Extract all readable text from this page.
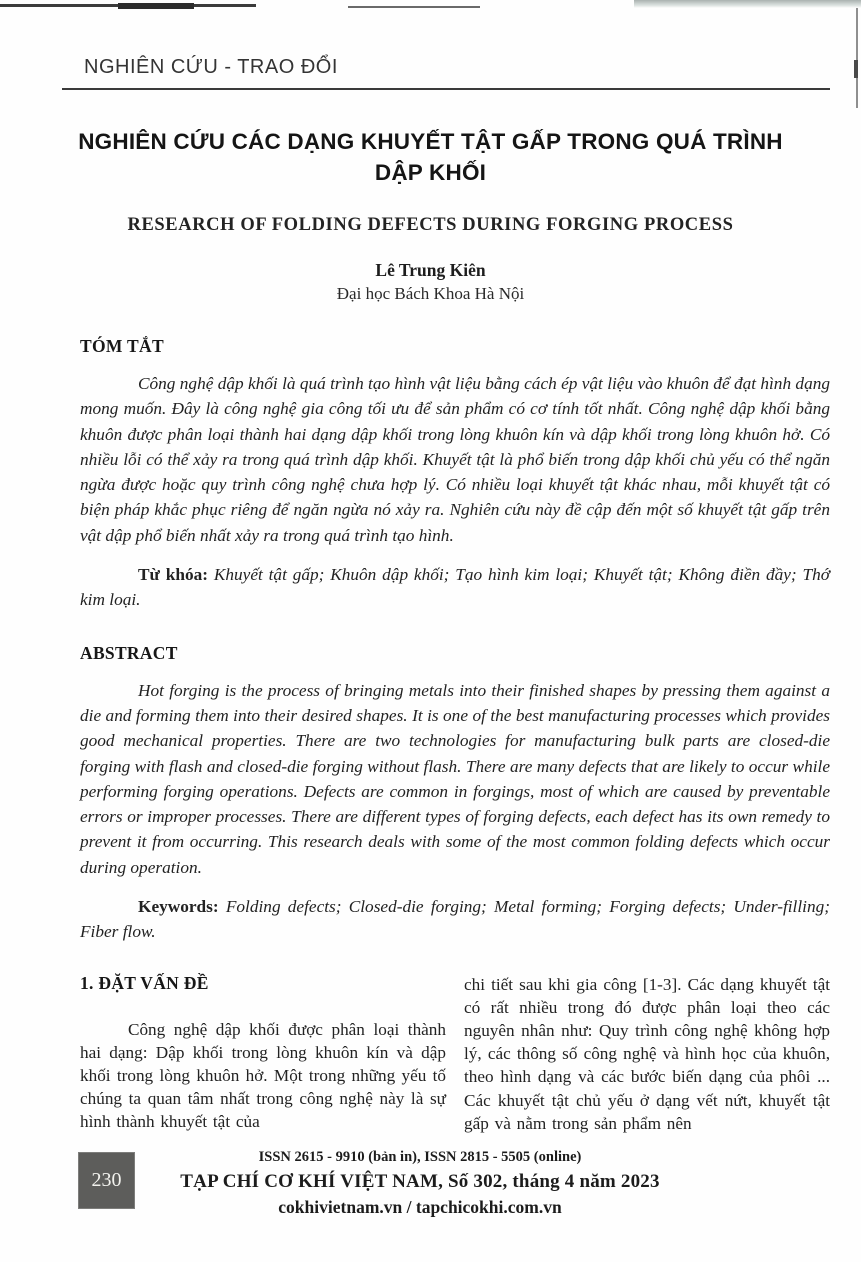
NGHIÊN CỨU - TRAO ĐỔI
NGHIÊN CỨU CÁC DẠNG KHUYẾT TẬT GẤP TRONG QUÁ TRÌNH DẬP KHỐI
RESEARCH OF FOLDING DEFECTS DURING FORGING PROCESS
Lê Trung Kiên
Đại học Bách Khoa Hà Nội
TÓM TẮT

Công nghệ dập khối là quá trình tạo hình vật liệu bằng cách ép vật liệu vào khuôn để đạt hình dạng mong muốn. Đây là công nghệ gia công tối ưu để sản phẩm có cơ tính tốt nhất. Công nghệ dập khối bằng khuôn được phân loại thành hai dạng dập khối trong lòng khuôn kín và dập khối trong lòng khuôn hở. Có nhiều lỗi có thể xảy ra trong quá trình dập khối. Khuyết tật là phổ biến trong dập khối chủ yếu có thể ngăn ngừa được hoặc quy trình công nghệ chưa hợp lý. Có nhiều loại khuyết tật khác nhau, mỗi khuyết tật có biện pháp khắc phục riêng để ngăn ngừa nó xảy ra. Nghiên cứu này đề cập đến một số khuyết tật gấp trên vật dập phổ biến nhất xảy ra trong quá trình tạo hình.

Từ khóa: Khuyết tật gấp; Khuôn dập khối; Tạo hình kim loại; Khuyết tật; Không điền đầy; Thớ kim loại.

ABSTRACT

Hot forging is the process of bringing metals into their finished shapes by pressing them against a die and forming them into their desired shapes. It is one of the best manufacturing processes which provides good mechanical properties. There are two technologies for manufacturing bulk parts are closed-die forging with flash and closed-die forging without flash. There are many defects that are likely to occur while performing forging operations. Defects are common in forgings, most of which are caused by preventable errors or improper processes. There are different types of forging defects, each defect has its own remedy to prevent it from occurring. This research deals with some of the most common folding defects which occur during operation.

Keywords: Folding defects; Closed-die forging; Metal forming; Forging defects; Under-filling; Fiber flow.

1. ĐẶT VẤN ĐỀ

Công nghệ dập khối được phân loại thành hai dạng: Dập khối trong lòng khuôn kín và dập khối trong lòng khuôn hở. Một trong những yếu tố chúng ta quan tâm nhất trong công nghệ này là sự hình thành khuyết tật của

chi tiết sau khi gia công [1-3]. Các dạng khuyết tật có rất nhiều trong đó được phân loại theo các nguyên nhân như: Quy trình công nghệ không hợp lý, các thông số công nghệ và hình học của khuôn, theo hình dạng và các bước biến dạng của phôi ... Các khuyết tật chủ yếu ở dạng vết nứt, khuyết tật gấp và nằm trong sản phẩm nên

230
ISSN 2615 - 9910 (bản in), ISSN 2815 - 5505 (online)
TẠP CHÍ CƠ KHÍ VIỆT NAM, Số 302, tháng 4 năm 2023
cokhivietnam.vn / tapchicokhi.com.vn
